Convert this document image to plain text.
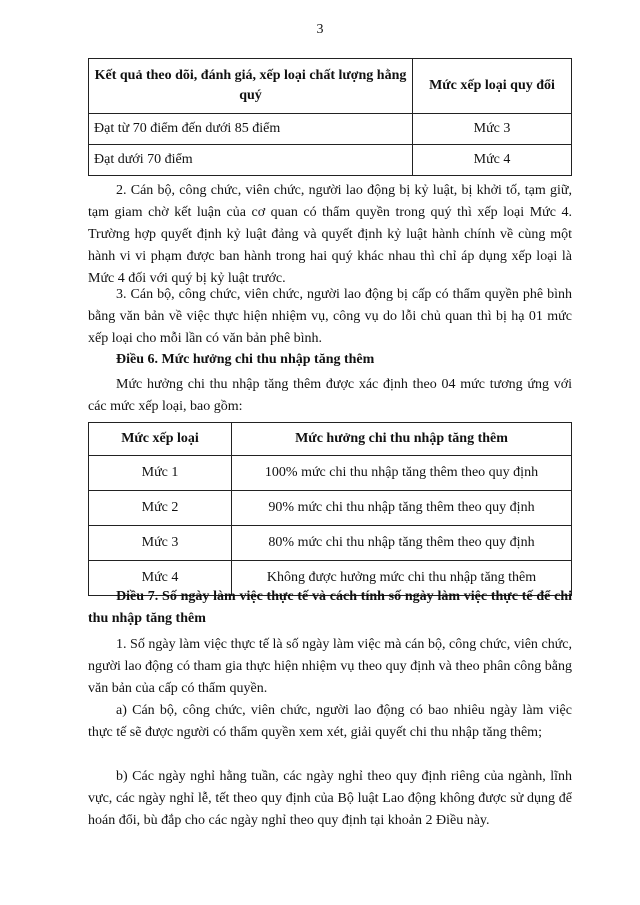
3
Kết quả theo dõi, đánh giá, xếp loại chất lượng hằng quý	Mức xếp loại quy đổi
Đạt từ 70 điểm đến dưới 85 điểm	Mức 3
Đạt dưới 70 điểm	Mức 4

2. Cán bộ, công chức, viên chức, người lao động bị kỷ luật, bị khởi tố, tạm giữ, tạm giam chờ kết luận của cơ quan có thẩm quyền trong quý thì xếp loại Mức 4. Trường hợp quyết định kỷ luật đảng và quyết định kỷ luật hành chính về cùng một hành vi vi phạm được ban hành trong hai quý khác nhau thì chỉ áp dụng xếp loại là Mức 4 đối với quý bị kỷ luật trước.

3. Cán bộ, công chức, viên chức, người lao động bị cấp có thẩm quyền phê bình bằng văn bản về việc thực hiện nhiệm vụ, công vụ do lỗi chủ quan thì bị hạ 01 mức xếp loại cho mỗi lần có văn bản phê bình.

Điều 6. Mức hưởng chi thu nhập tăng thêm

Mức hưởng chi thu nhập tăng thêm được xác định theo 04 mức tương ứng với các mức xếp loại, bao gồm:

Mức xếp loại	Mức hưởng chi thu nhập tăng thêm
Mức 1	100% mức chi thu nhập tăng thêm theo quy định
Mức 2	90% mức chi thu nhập tăng thêm theo quy định
Mức 3	80% mức chi thu nhập tăng thêm theo quy định
Mức 4	Không được hưởng mức chi thu nhập tăng thêm

Điều 7. Số ngày làm việc thực tế và cách tính số ngày làm việc thực tế để chi thu nhập tăng thêm

1. Số ngày làm việc thực tế là số ngày làm việc mà cán bộ, công chức, viên chức, người lao động có tham gia thực hiện nhiệm vụ theo quy định và theo phân công bằng văn bản của cấp có thẩm quyền.

a) Cán bộ, công chức, viên chức, người lao động có bao nhiêu ngày làm việc thực tế sẽ được người có thẩm quyền xem xét, giải quyết chi thu nhập tăng thêm;

b) Các ngày nghỉ hằng tuần, các ngày nghỉ theo quy định riêng của ngành, lĩnh vực, các ngày nghỉ lễ, tết theo quy định của Bộ luật Lao động không được sử dụng để hoán đổi, bù đắp cho các ngày nghỉ theo quy định tại khoản 2 Điều này.
